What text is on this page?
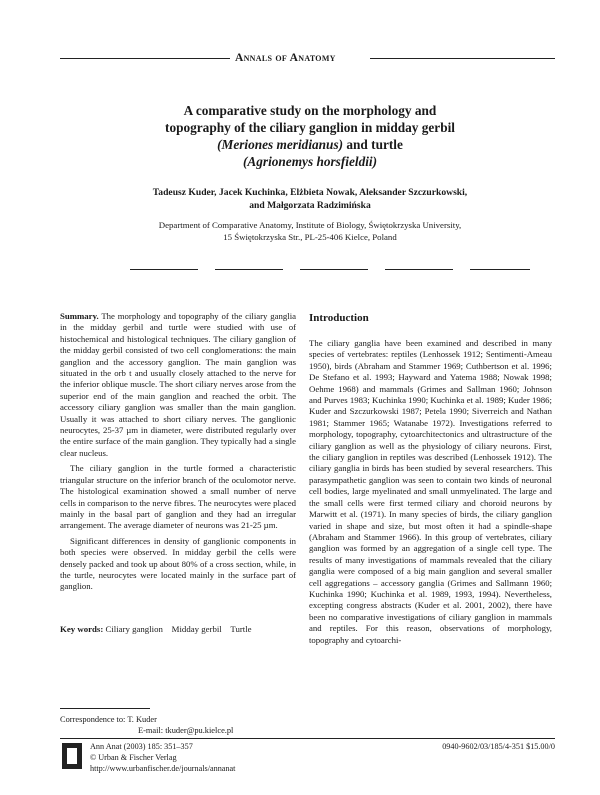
Annals of Anatomy
A comparative study on the morphology and
topography of the ciliary ganglion in midday gerbil
(Meriones meridianus) and turtle
(Agrionemys horsfieldii)
Tadeusz Kuder, Jacek Kuchinka, Elżbieta Nowak, Aleksander Szczurkowski,
and Małgorzata Radzimińska
Department of Comparative Anatomy, Institute of Biology, Świętokrzyska University,
15 Świętokrzyska Str., PL-25-406 Kielce, Poland

Summary. The morphology and topography of the ciliary ganglia in the midday gerbil and turtle were studied with use of histochemical and histological techniques. The ciliary ganglion of the midday gerbil consisted of two cell conglomerations: the main ganglion and the accessory ganglion. The main ganglion was situated in the orb t and usually closely attached to the nerve for the inferior oblique muscle. The short ciliary nerves arose from the superior end of the main ganglion and reached the orbit. The accessory ciliary ganglion was smaller than the main ganglion. Usually it was attached to short ciliary nerves. The ganglionic neurocytes, 25-37 µm in diameter, were distributed regularly over the entire surface of the main ganglion. They typically had a single clear nucleus.

The ciliary ganglion in the turtle formed a characteristic triangular structure on the inferior branch of the oculomotor nerve. The histological examination showed a small number of nerve cells in comparison to the nerve fibres. The neurocytes were placed mainly in the basal part of ganglion and they had an irregular arrangement. The average diameter of neurons was 21-25 µm.

Significant differences in density of ganglionic components in both species were observed. In midday gerbil the cells were densely packed and took up about 80% of a cross section, while, in the turtle, neurocytes were located mainly in the surface part of ganglion.

Key words: Ciliary ganglion    Midday gerbil    Turtle
Correspondence to: T. Kuder
E-mail: tkuder@pu.kielce.pl
Introduction

The ciliary ganglia have been examined and described in many species of vertebrates: reptiles (Lenhossek 1912; Sentimenti-Ameau 1950), birds (Abraham and Stammer 1969; Cuthbertson et al. 1996; De Stefano et al. 1993; Hayward and Yatema 1988; Nowak 1998; Oehme 1968) and mammals (Grimes and Sallman 1960; Johnson and Purves 1983; Kuchinka 1990; Kuchinka et al. 1989; Kuder 1986; Kuder and Szczurkowski 1987; Petela 1990; Siverreich and Nathan 1981; Stammer 1965; Watanabe 1972). Investigations referred to morphology, topography, cytoarchitectonics and ultrastructure of the ciliary ganglion as well as the physiology of ciliary neurons. First, the ciliary ganglion in reptiles was described (Lenhossek 1912). The ciliary ganglia in birds has been studied by several researchers. This parasympathetic ganglion was seen to contain two kinds of neuronal cell bodies, large myelinated and small unmyelinated. The large and the small cells were first termed ciliary and choroid neurons by Marwitt et al. (1971). In many species of birds, the ciliary ganglion varied in shape and size, but most often it had a spindle-shape (Abraham and Stammer 1966). In this group of vertebrates, ciliary ganglion was formed by an aggregation of a single cell type. The results of many investigations of mammals revealed that the ciliary ganglia were composed of a big main ganglion and several smaller cell aggregations – accessory ganglia (Grimes and Sallmann 1960; Kuchinka 1990; Kuchinka et al. 1989, 1993, 1994). Nevertheless, excepting congress abstracts (Kuder et al. 2001, 2002), there have been no comparative investigations of ciliary ganglion in mammals and reptiles. For this reason, observations of morphology, topography and cytoarchi-

Ann Anat (2003) 185: 351–357
© Urban & Fischer Verlag
http://www.urbanfischer.de/journals/annanat
0940-9602/03/185/4-351 $15.00/0
